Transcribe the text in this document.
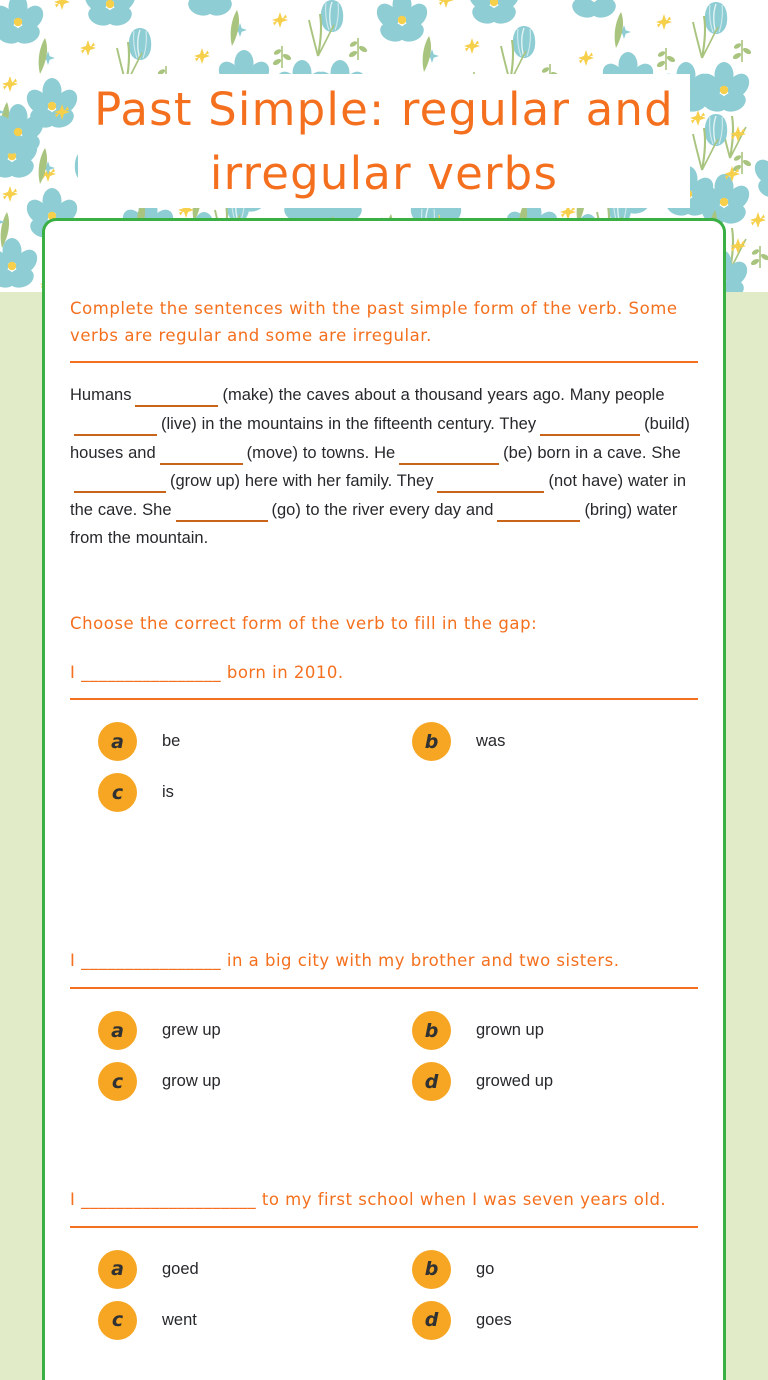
Past Simple: regular and irregular verbs

Complete the sentences with the past simple form of the verb. Some verbs are regular and some are irregular.

Humans	(make) the caves about a thousand years ago. Many people(live) in the mountains in the fifteenth century. They	(build) houses and	(move) to towns. He	(be) born in a cave. She(grow up) here with her family. They	(not have) water in the cave. She	(go) to the river every day and	(bring) water from the mountain.

Choose the correct form of the verb to fill in the gap:

I ________________ born in 2010.

a	be	b	was
c	is

I ________________ in a big city with my brother and two sisters.

a	grew up	b	grown up
c	grow up	d	growed up

I ____________________ to my first school when I was seven years old.

a	goed	b	go
c	went	d	goes
